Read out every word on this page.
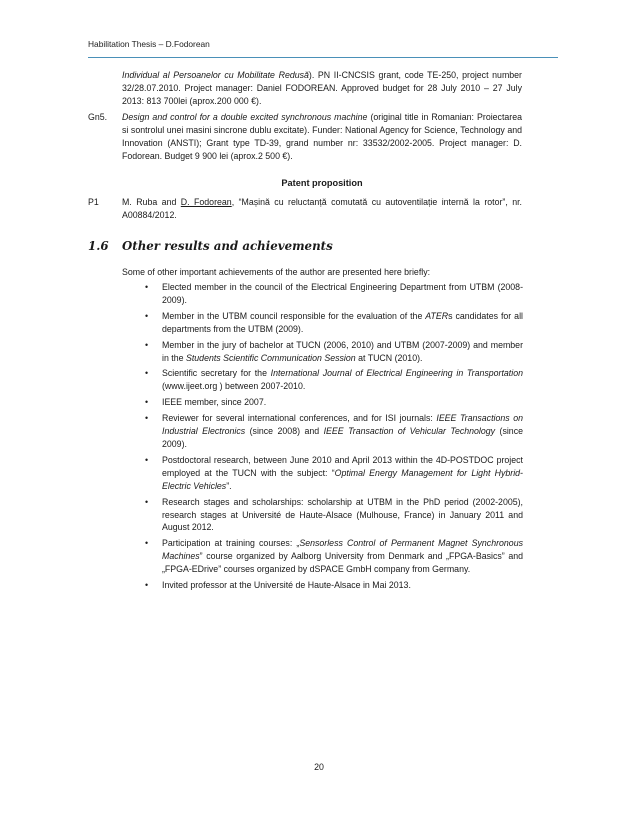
Habilitation Thesis – D.Fodorean
Individual al Persoanelor cu Mobilitate Redusă). PN II-CNCSIS grant, code TE-250, project number 32/28.07.2010. Project manager: Daniel FODOREAN. Approved budget for 28 July 2010 – 27 July 2013: 813 700lei (aprox.200 000 €).
Gn5. Design and control for a double excited synchronous machine (original title in Romanian: Proiectarea si sontrolul unei masini sincrone dublu excitate). Funder: National Agency for Science, Technology and Innovation (ANSTI); Grant type TD-39, grand number nr: 33532/2002-2005. Project manager: D. Fodorean. Budget 9 900 lei (aprox.2 500 €).
Patent proposition
P1	M. Ruba and D. Fodorean, “Mașină cu reluctanță comutată cu autoventilație internă la rotor”, nr. A00884/2012.
1.6 Other results and achievements
Some of other important achievements of the author are presented here briefly:
• Elected member in the council of the Electrical Engineering Department from UTBM (2008-2009).
• Member in the UTBM council responsible for the evaluation of the ATERs candidates for all departments from the UTBM (2009).
• Member in the jury of bachelor at TUCN (2006, 2010) and UTBM (2007-2009) and member in the Students Scientific Communication Session at TUCN (2010).
• Scientific secretary for the International Journal of Electrical Engineering in Transportation (www.ijeet.org ) between 2007-2010.
• IEEE member, since 2007.
• Reviewer for several international conferences, and for ISI journals: IEEE Transactions on Industrial Electronics (since 2008) and IEEE Transaction of Vehicular Technology (since 2009).
• Postdoctoral research, between June 2010 and April 2013 within the 4D-POSTDOC project employed at the TUCN with the subject: “Optimal Energy Management for Light Hybrid-Electric Vehicles”.
• Research stages and scholarships: scholarship at UTBM in the PhD period (2002-2005), research stages at Université de Haute-Alsace (Mulhouse, France) in January 2011 and August 2012.
• Participation at training courses: „Sensorless Control of Permanent Magnet Synchronous Machines” course organized by Aalborg University from Denmark and „FPGA-Basics” and „FPGA-EDrive” courses organized by dSPACE GmbH company from Germany.
• Invited professor at the Université de Haute-Alsace in Mai 2013.
20
